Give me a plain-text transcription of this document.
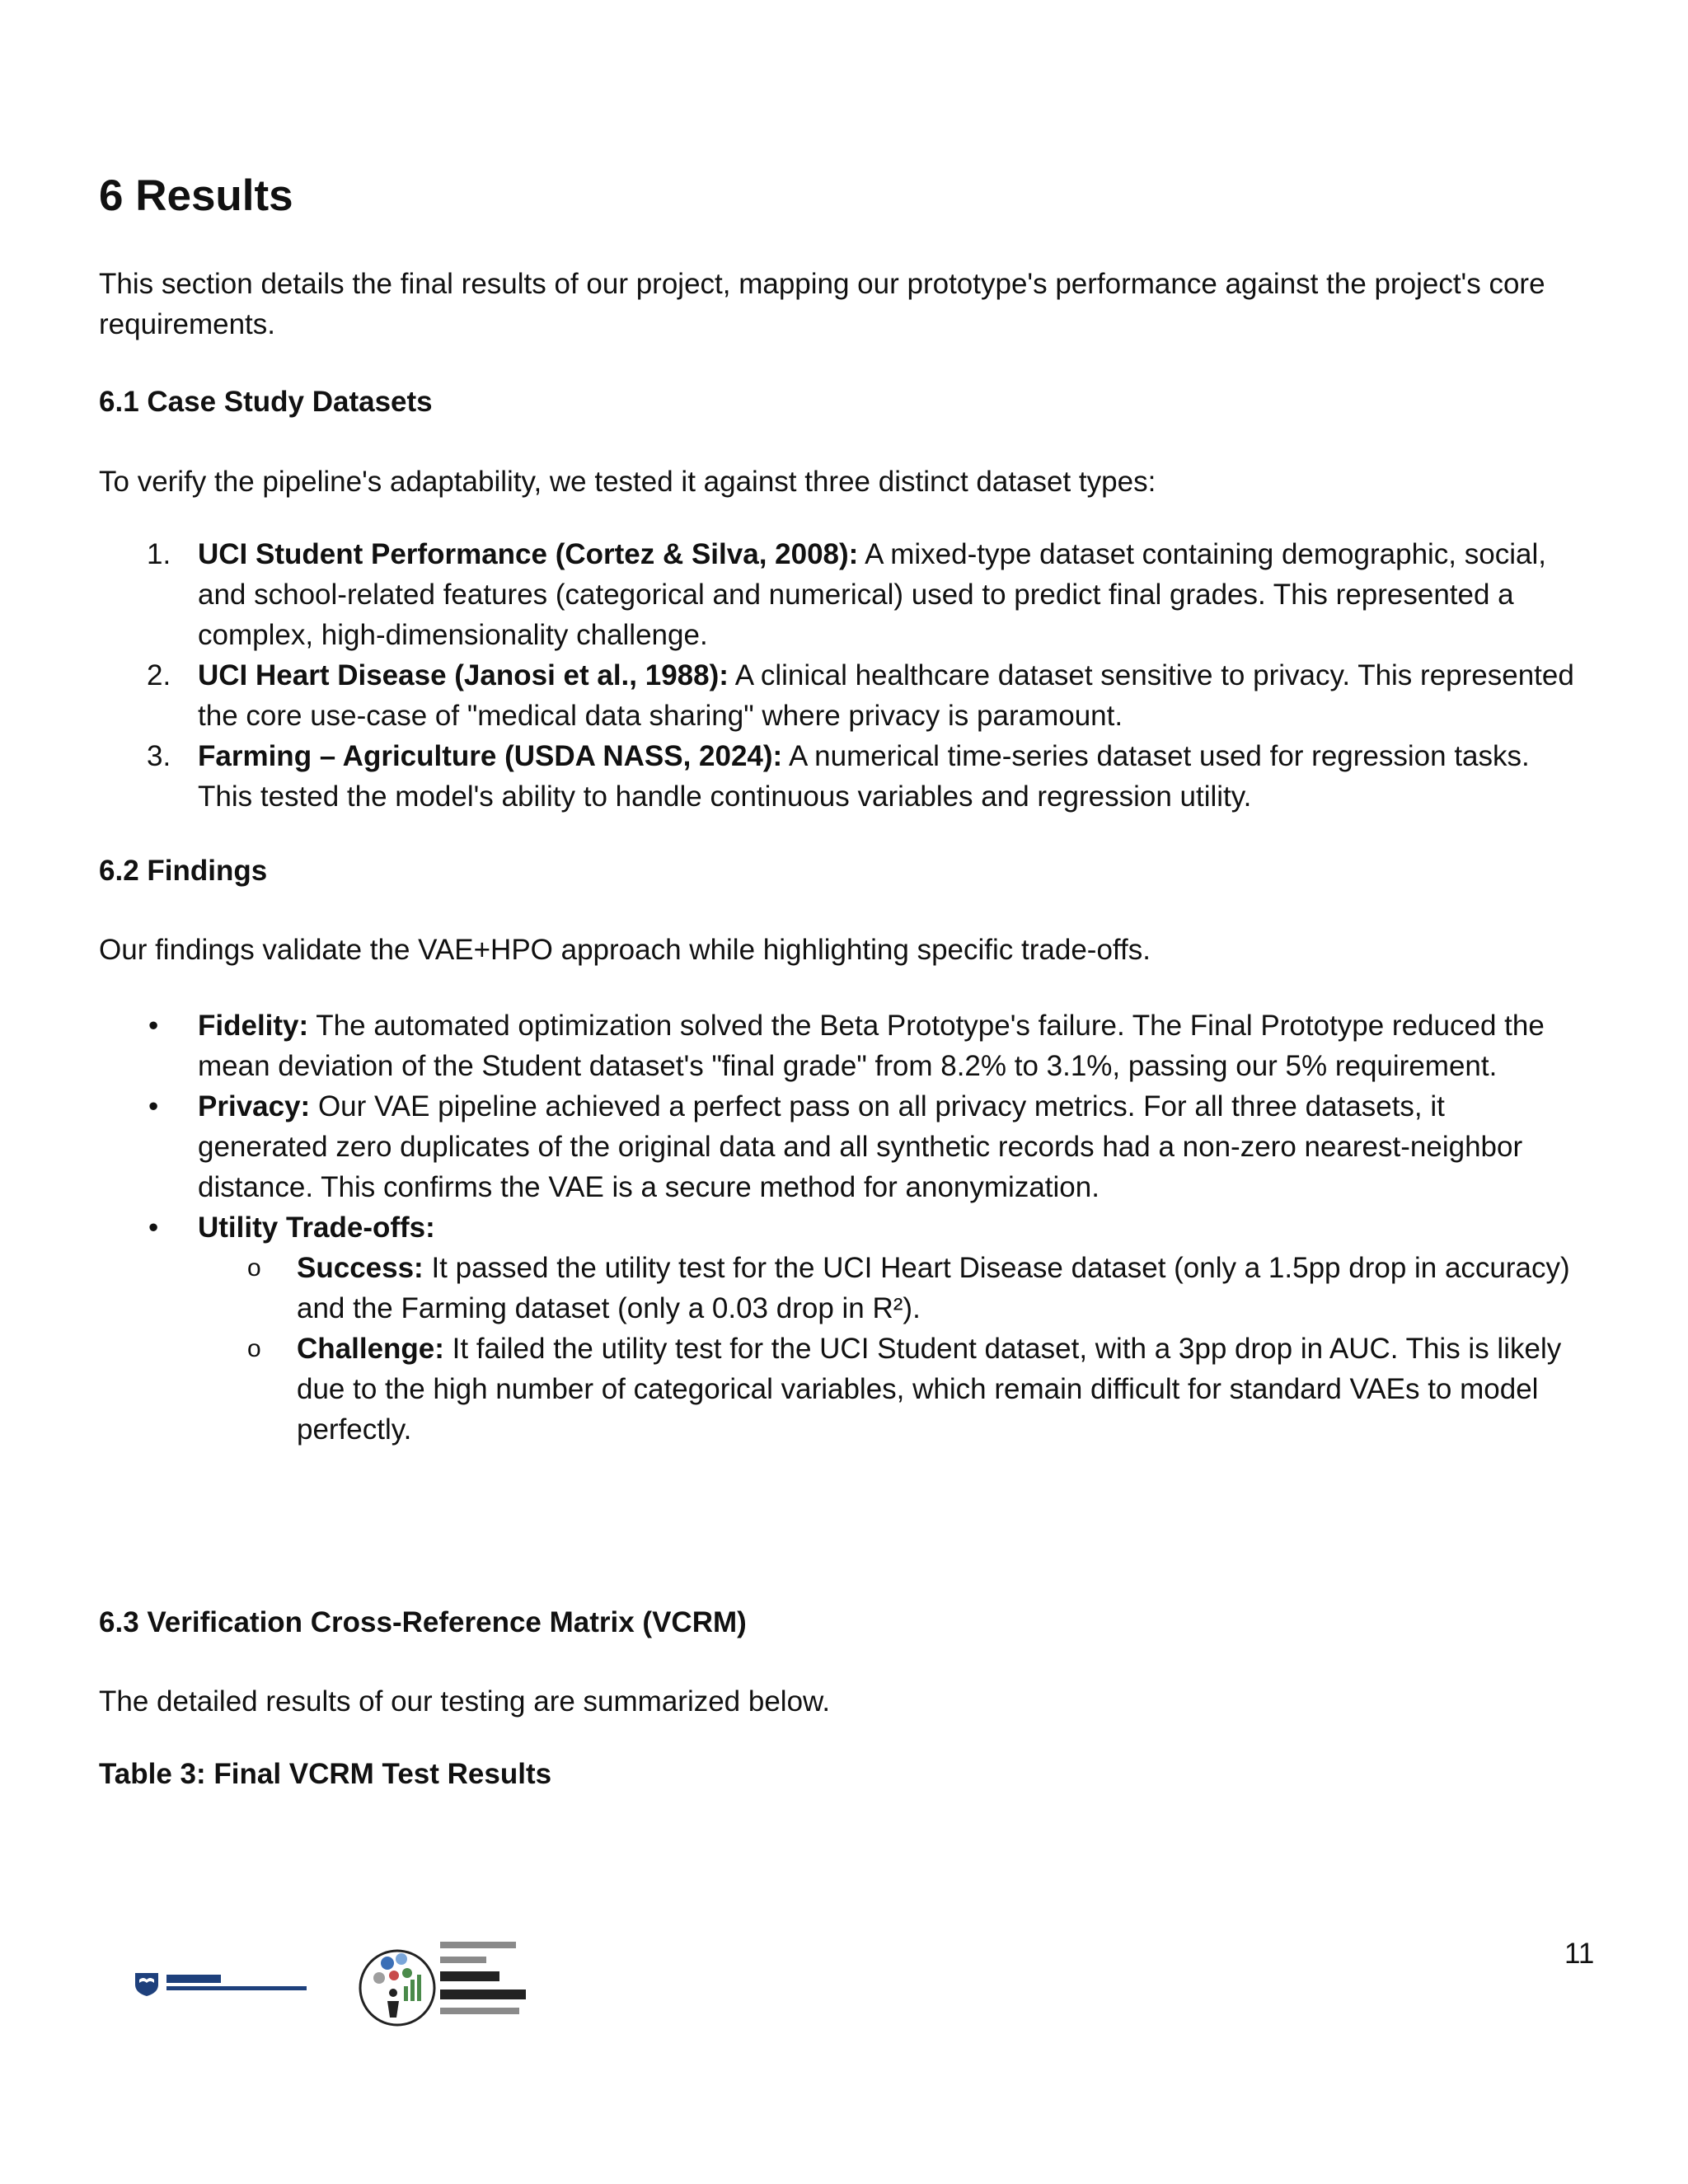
6 Results

This section details the final results of our project, mapping our prototype's performance against the project's core requirements.

6.1 Case Study Datasets

To verify the pipeline's adaptability, we tested it against three distinct dataset types:

1. UCI Student Performance (Cortez & Silva, 2008): A mixed-type dataset containing demographic, social, and school-related features (categorical and numerical) used to predict final grades. This represented a complex, high-dimensionality challenge.
2. UCI Heart Disease (Janosi et al., 1988): A clinical healthcare dataset sensitive to privacy. This represented the core use-case of "medical data sharing" where privacy is paramount.
3. Farming – Agriculture (USDA NASS, 2024): A numerical time-series dataset used for regression tasks. This tested the model's ability to handle continuous variables and regression utility.
6.2 Findings

Our findings validate the VAE+HPO approach while highlighting specific trade-offs.

•	Fidelity: The automated optimization solved the Beta Prototype's failure. The Final Prototype reduced the mean deviation of the Student dataset's "final grade" from 8.2% to 3.1%, passing our 5% requirement.
•	Privacy: Our VAE pipeline achieved a perfect pass on all privacy metrics. For all three datasets, it generated zero duplicates of the original data and all synthetic records had a non-zero nearest-neighbor distance. This confirms the VAE is a secure method for anonymization.
•	Utility Trade-offs:
o	Success: It passed the utility test for the UCI Heart Disease dataset (only a 1.5pp drop in accuracy) and the Farming dataset (only a 0.03 drop in R²).
o	Challenge: It failed the utility test for the UCI Student dataset, with a 3pp drop in AUC. This is likely due to the high number of categorical variables, which remain difficult for standard VAEs to model perfectly.
6.3 Verification Cross-Reference Matrix (VCRM)

The detailed results of our testing are summarized below.

Table 3: Final VCRM Test Results
11
